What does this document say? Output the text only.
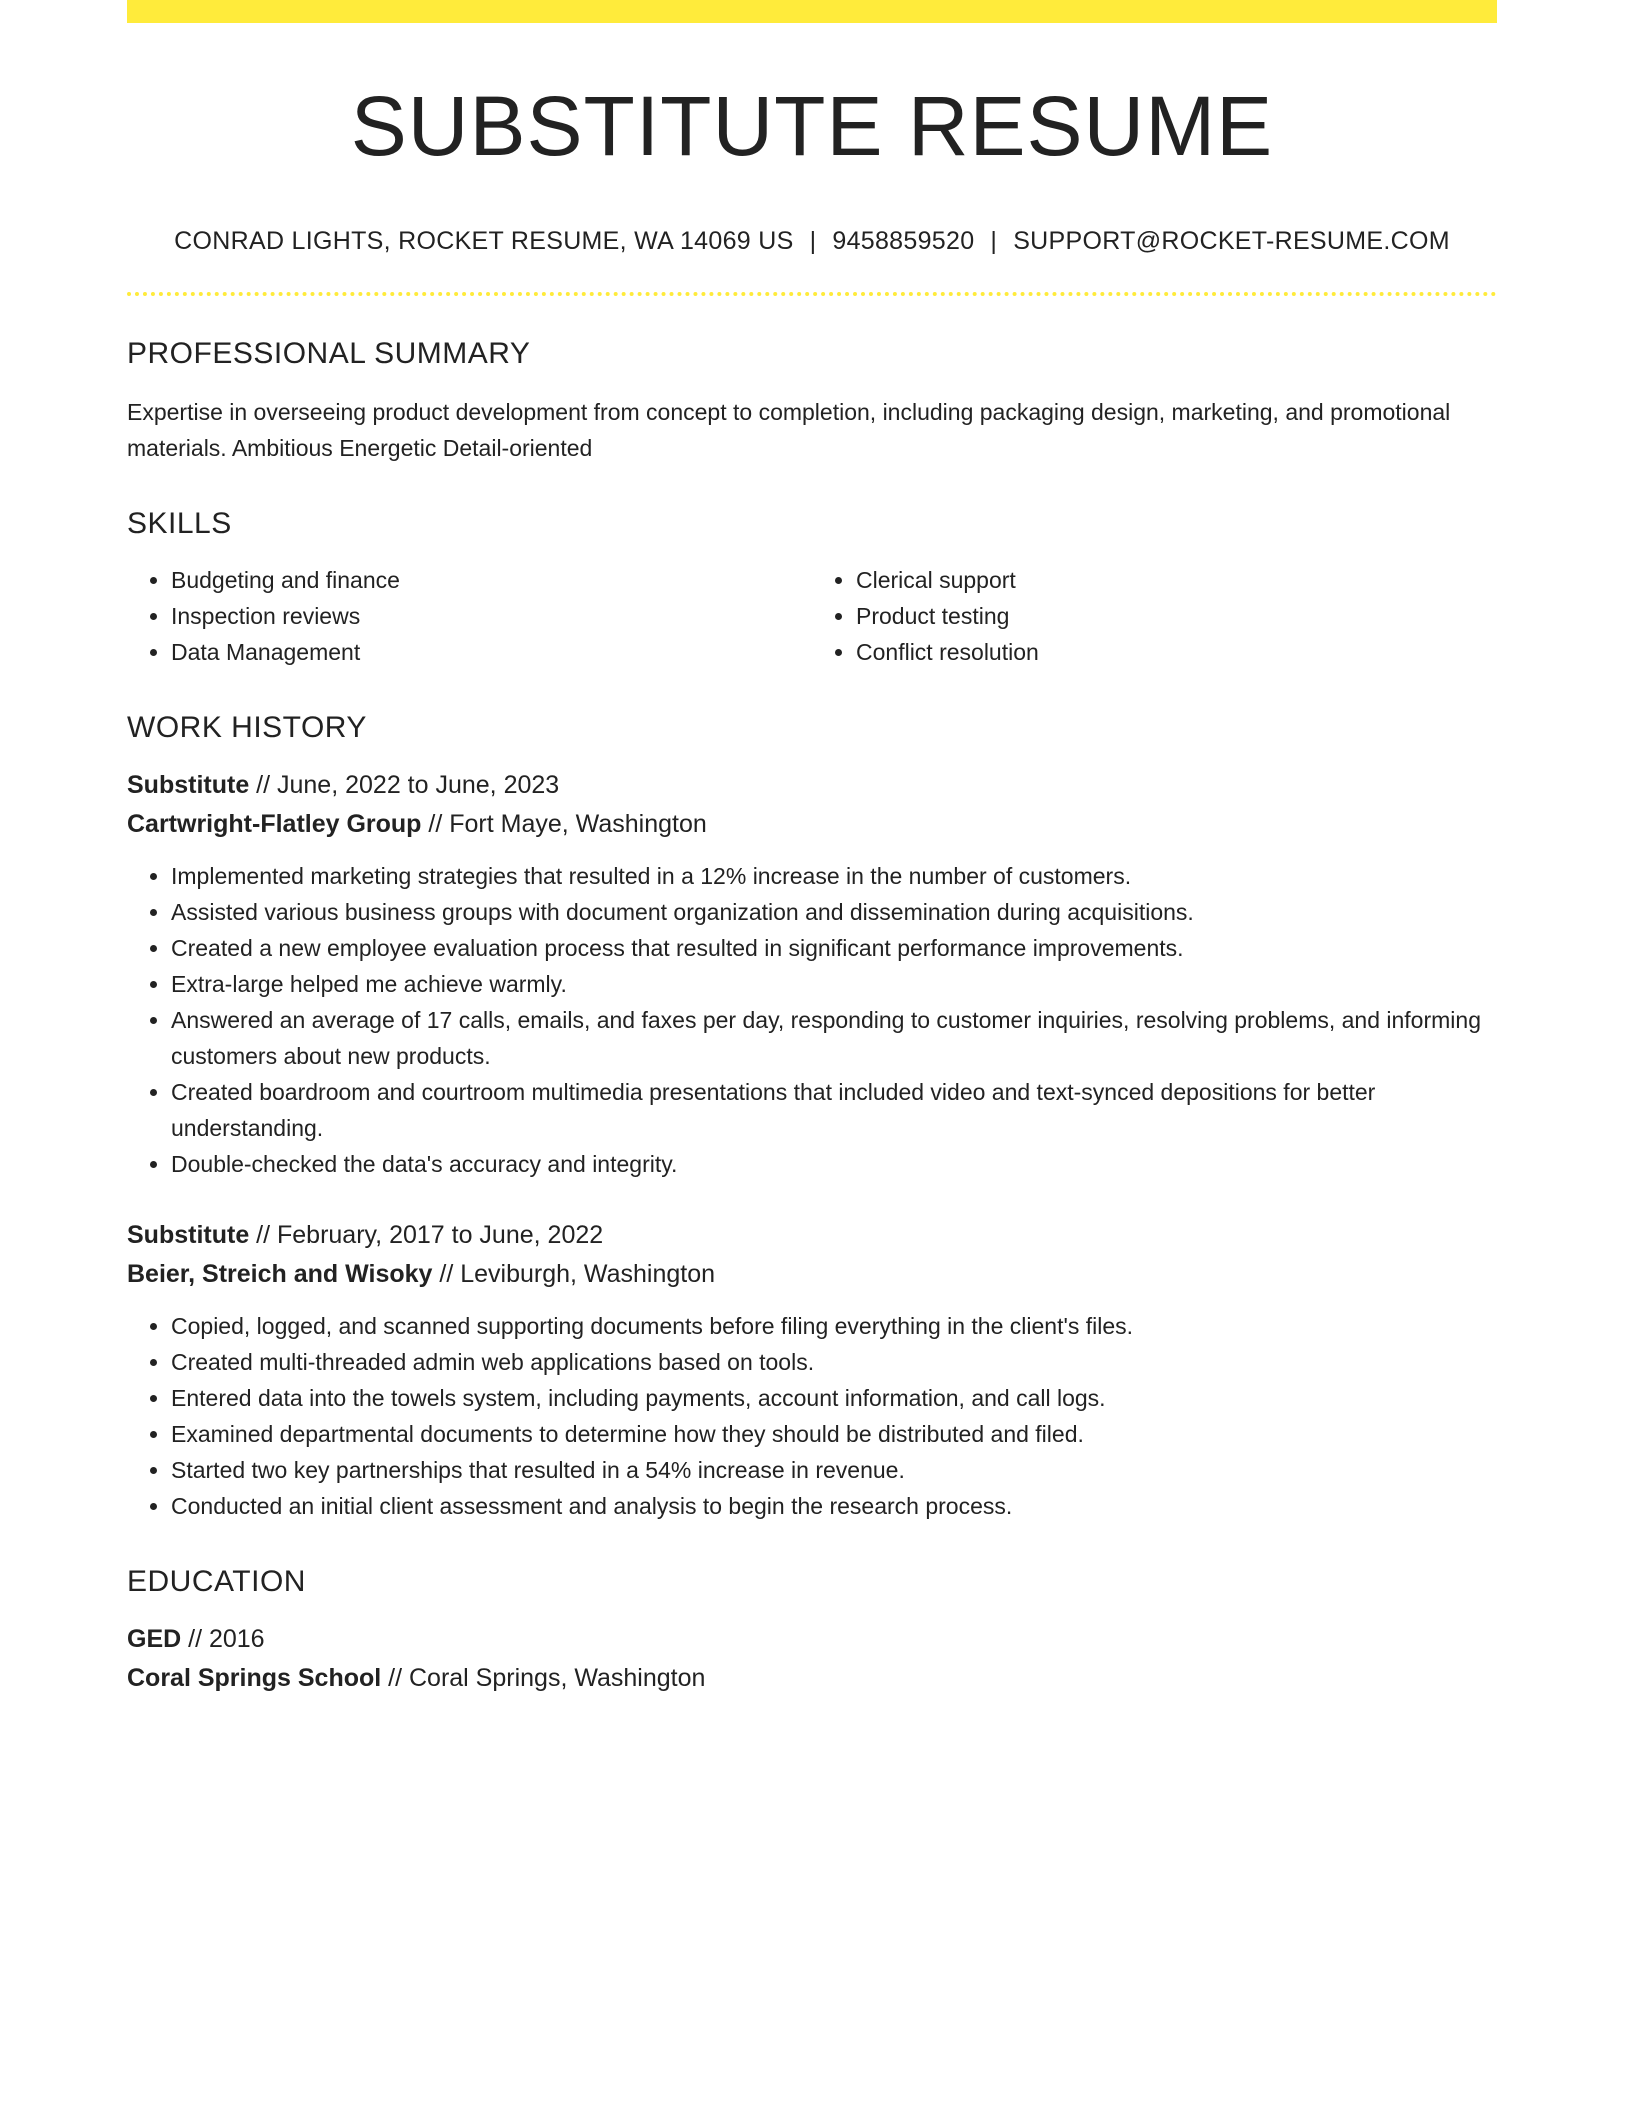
SUBSTITUTE RESUME
CONRAD LIGHTS, ROCKET RESUME, WA 14069 US | 9458859520 | SUPPORT@ROCKET-RESUME.COM
PROFESSIONAL SUMMARY
Expertise in overseeing product development from concept to completion, including packaging design, marketing, and promotional materials. Ambitious Energetic Detail-oriented
SKILLS
• Budgeting and finance
• Inspection reviews
• Data Management
• Clerical support
• Product testing
• Conflict resolution
WORK HISTORY
Substitute // June, 2022 to June, 2023
Cartwright-Flatley Group // Fort Maye, Washington
• Implemented marketing strategies that resulted in a 12% increase in the number of customers.
• Assisted various business groups with document organization and dissemination during acquisitions.
• Created a new employee evaluation process that resulted in significant performance improvements.
• Extra-large helped me achieve warmly.
• Answered an average of 17 calls, emails, and faxes per day, responding to customer inquiries, resolving problems, and informing customers about new products.
• Created boardroom and courtroom multimedia presentations that included video and text-synced depositions for better understanding.
• Double-checked the data's accuracy and integrity.
Substitute // February, 2017 to June, 2022
Beier, Streich and Wisoky // Leviburgh, Washington
• Copied, logged, and scanned supporting documents before filing everything in the client's files.
• Created multi-threaded admin web applications based on tools.
• Entered data into the towels system, including payments, account information, and call logs.
• Examined departmental documents to determine how they should be distributed and filed.
• Started two key partnerships that resulted in a 54% increase in revenue.
• Conducted an initial client assessment and analysis to begin the research process.
EDUCATION
GED // 2016
Coral Springs School // Coral Springs, Washington
